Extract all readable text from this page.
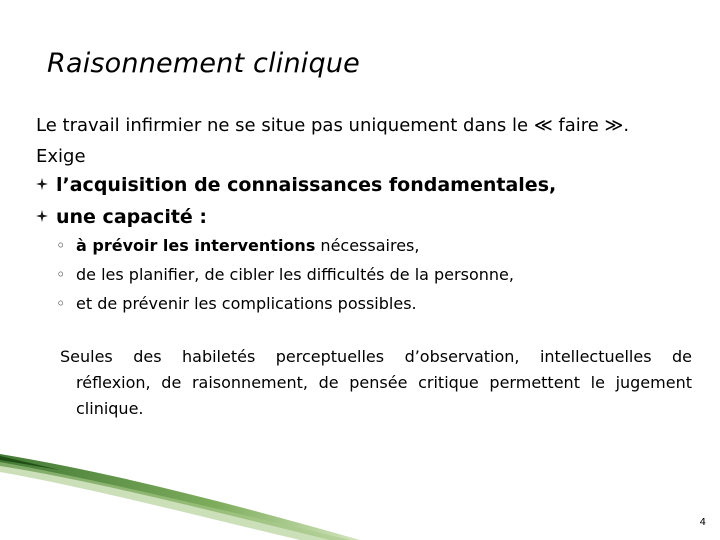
Raisonnement clinique
Le travail infirmier ne se situe pas uniquement dans le ≪ faire ≫.
Exige
l’acquisition de connaissances fondamentales,
une capacité :
◦ à prévoir les interventions nécessaires,
◦ de les planifier, de cibler les difficultés de la personne,
◦ et de prévenir les complications possibles.
Seules des habiletés perceptuelles d’observation, intellectuelles de
réflexion, de raisonnement, de pensée critique permettent le jugement clinique.
4
